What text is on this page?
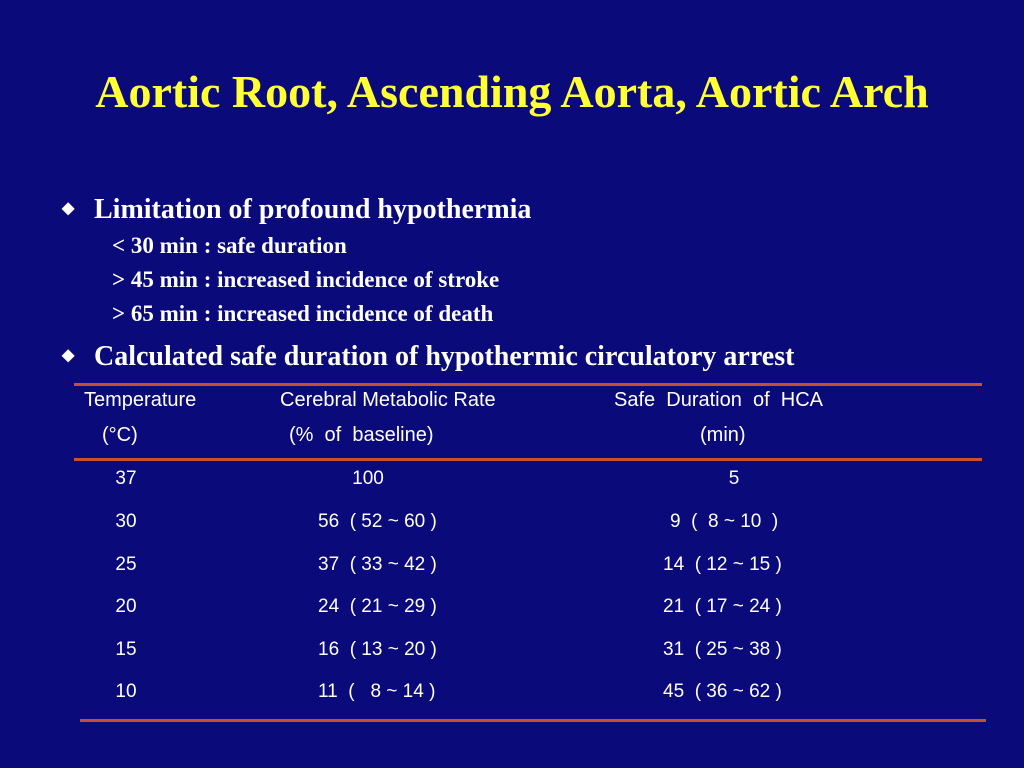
Aortic Root, Ascending Aorta, Aortic Arch
◆ Limitation of profound hypothermia
< 30 min : safe duration
> 45 min : increased incidence of stroke
> 65 min : increased incidence of death
◆ Calculated safe duration of hypothermic circulatory arrest
Temperature
(°C)
Cerebral Metabolic Rate
(%  of  baseline)
Safe  Duration  of  HCA
(min)
37	100	5
30	56  ( 52 ~ 60 )	9  (  8 ~ 10  )
25	37  ( 33 ~ 42 )	14  ( 12 ~ 15 )
20	24  ( 21 ~ 29 )	21  ( 17 ~ 24 )
15	16  ( 13 ~ 20 )	31  ( 25 ~ 38 )
10	11  (   8 ~ 14 )	45  ( 36 ~ 62 )
